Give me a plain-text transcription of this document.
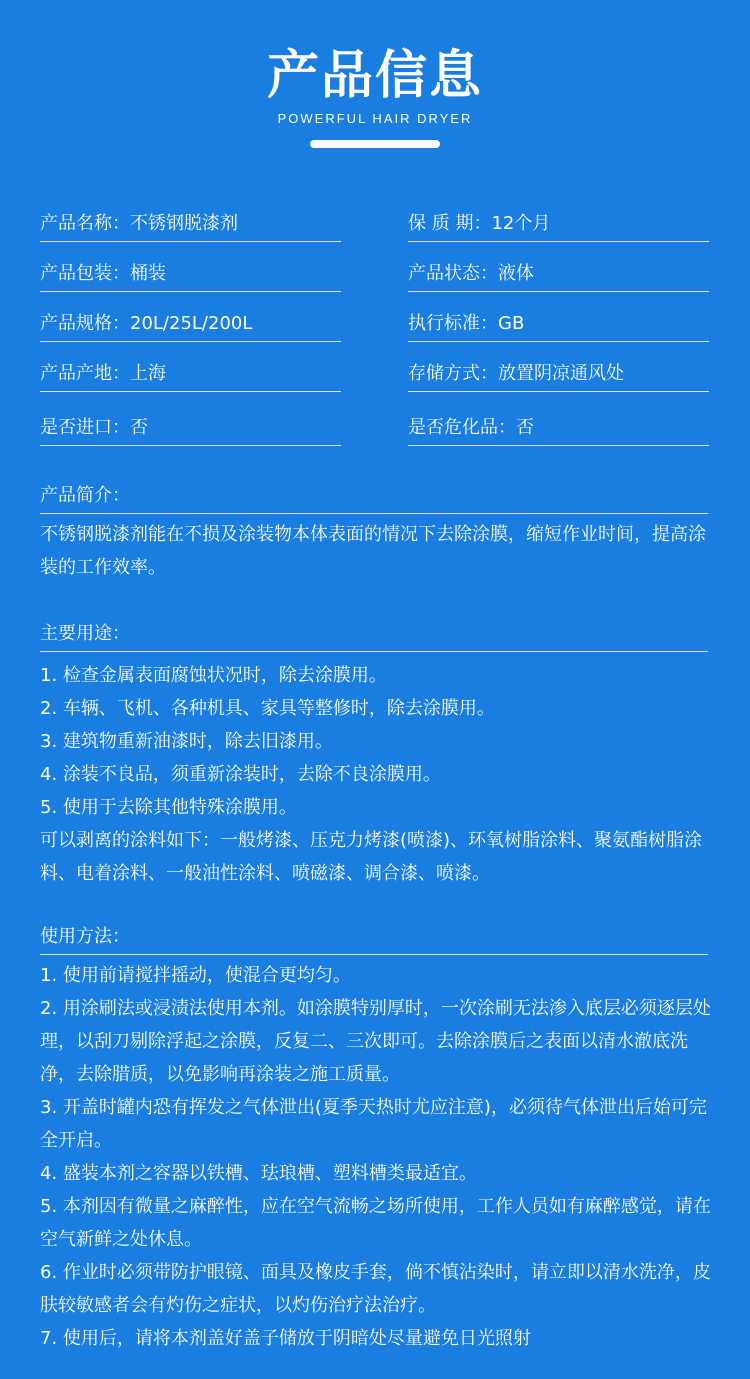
产品信息
POWERFUL HAIR DRYER
产品名称：不锈钢脱漆剂	保 质 期：12个月
产品包装：桶装	产品状态：液体
产品规格：20L/25L/200L	执行标准：GB
产品产地：上海	存储方式：放置阴凉通风处
是否进口：否	是否危化品：否
产品简介：

不锈钢脱漆剂能在不损及涂装物本体表面的情况下去除涂膜，缩短作业时间，提高涂装的工作效率。

主要用途：

1. 检查金属表面腐蚀状况时，除去涂膜用。

2. 车辆、飞机、各种机具、家具等整修时，除去涂膜用。

3. 建筑物重新油漆时，除去旧漆用。

4. 涂装不良品，须重新涂装时，去除不良涂膜用。

5. 使用于去除其他特殊涂膜用。

可以剥离的涂料如下：一般烤漆、压克力烤漆(喷漆)、环氧树脂涂料、聚氨酯树脂涂料、电着涂料、一般油性涂料、喷磁漆、调合漆、喷漆。

使用方法：

1. 使用前请搅拌摇动，使混合更均匀。

2. 用涂刷法或浸渍法使用本剂。如涂膜特别厚时，一次涂刷无法渗入底层必须逐层处理，以刮刀剔除浮起之涂膜，反复二、三次即可。去除涂膜后之表面以清水澈底洗净，去除腊质，以免影响再涂装之施工质量。

3. 开盖时罐内恐有挥发之气体泄出(夏季天热时尤应注意)，必须待气体泄出后始可完全开启。

4. 盛装本剂之容器以铁槽、珐琅槽、塑料槽类最适宜。

5. 本剂因有微量之麻醉性，应在空气流畅之场所使用，工作人员如有麻醉感觉，请在空气新鲜之处休息。

6. 作业时必须带防护眼镜、面具及橡皮手套，倘不慎沾染时，请立即以清水洗净，皮肤较敏感者会有灼伤之症状，以灼伤治疗法治疗。

7. 使用后，请将本剂盖好盖子储放于阴暗处尽量避免日光照射
